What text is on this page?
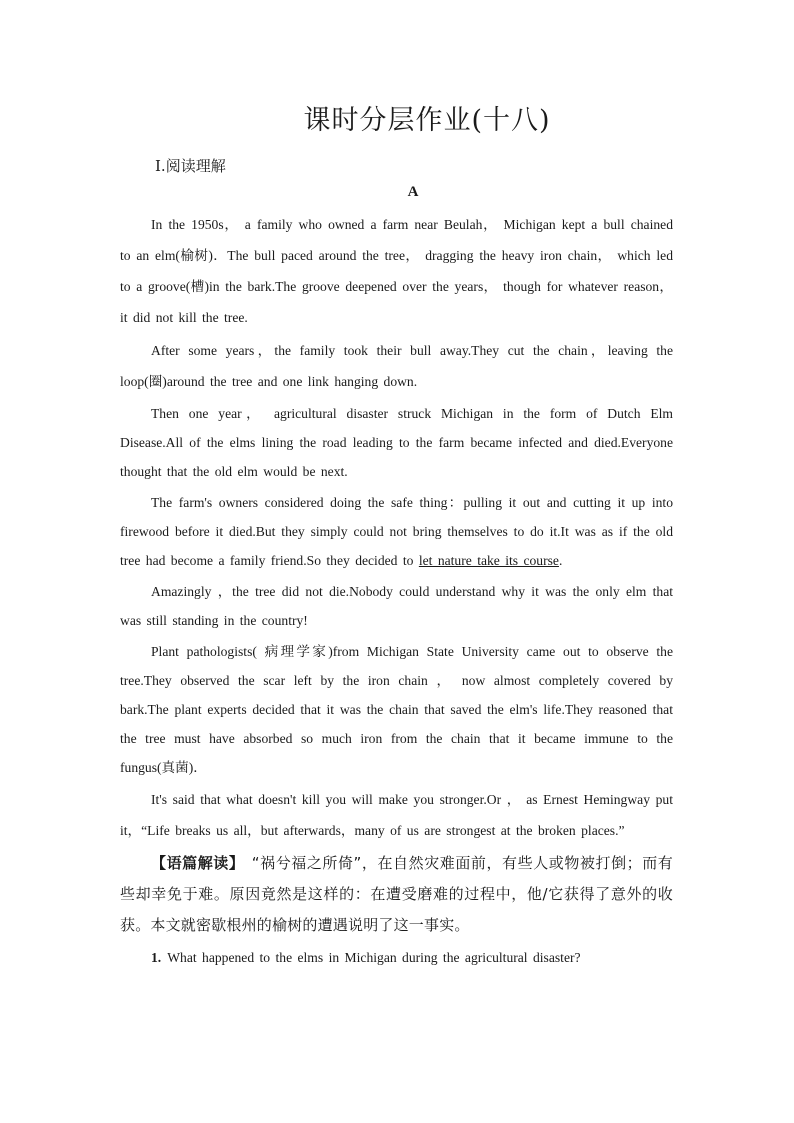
课时分层作业(十八)
Ⅰ.阅读理解
A

In the 1950s， a family who owned a farm near Beulah， Michigan kept a bull chained to an elm(榆树)．The bull paced around the tree， dragging the heavy iron chain， which led to a groove(槽)in the bark.The groove deepened over the years， though for whatever reason，it did not kill the tree.

After some years，the family took their bull away.They cut the chain，leaving the loop(圈)around the tree and one link hanging down.

Then one year， agricultural disaster struck Michigan in the form of Dutch Elm Disease.All of the elms lining the road leading to the farm became infected and died.Everyone thought that the old elm would be next.

The farm's owners considered doing the safe thing：pulling it out and cutting it up into firewood before it died.But they simply could not bring themselves to do it.It was as if the old tree had become a family friend.So they decided to let nature take its course.

Amazingly ，the tree did not die.Nobody could understand why it was the only elm that was still standing in the country!

Plant pathologists( 病理学家)from Michigan State University came out to observe the tree.They observed the scar left by the iron chain ， now almost completely covered by bark.The plant experts decided that it was the chain that saved the elm's life.They reasoned that the tree must have absorbed so much iron from the chain that it became immune to the fungus(真菌)．

It's said that what doesn't kill you will make you stronger.Or ， as Ernest Hemingway put it，“Life breaks us all，but afterwards，many of us are strongest at the broken places.”

【语篇解读】 “祸兮福之所倚”，在自然灾难面前，有些人或物被打倒；而有些却幸免于难。原因竟然是这样的：在遭受磨难的过程中，他/它获得了意外的收获。本文就密歇根州的榆树的遭遇说明了这一事实。

1. What happened to the elms in Michigan during the agricultural disaster?
